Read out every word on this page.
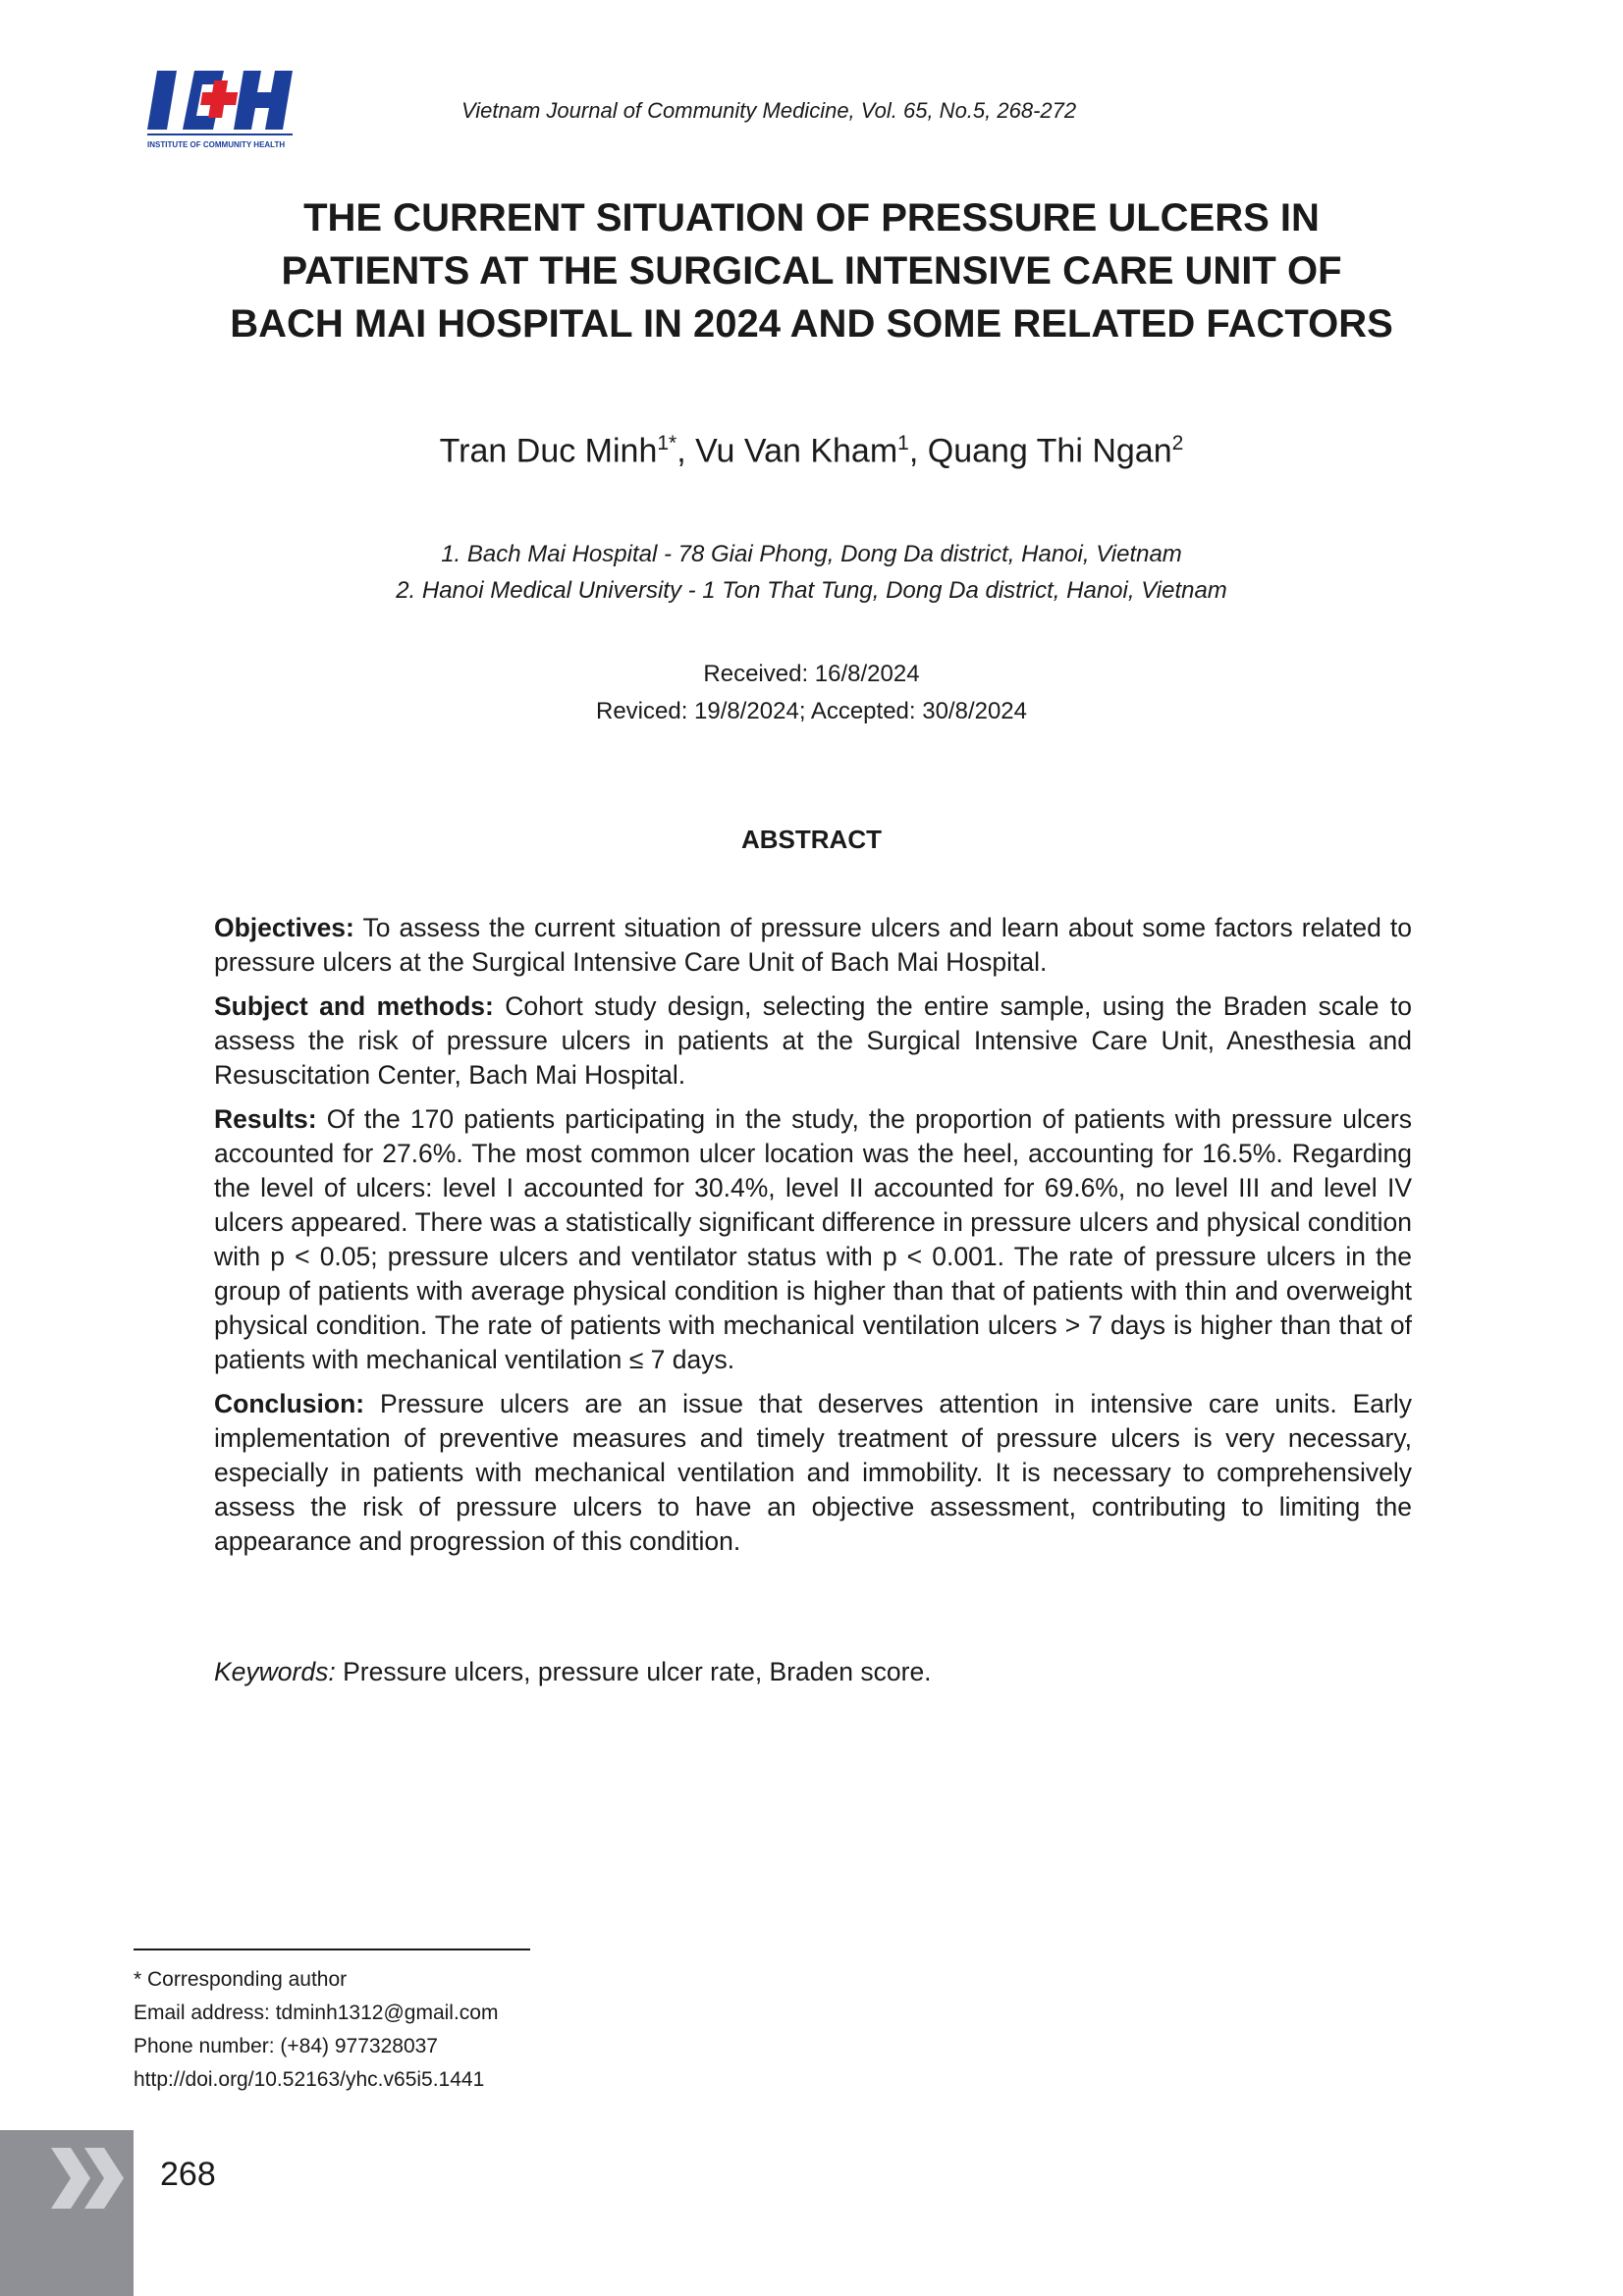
INSTITUTE OF COMMUNITY HEALTH
Vietnam Journal of Community Medicine, Vol. 65, No.5, 268-272
THE CURRENT SITUATION OF PRESSURE ULCERS IN
PATIENTS AT THE SURGICAL INTENSIVE CARE UNIT OF
BACH MAI HOSPITAL IN 2024 AND SOME RELATED FACTORS
Tran Duc Minh$^{1*}$, Vu Van Kham$^1$, Quang Thi Ngan$^2$
1. Bach Mai Hospital - 78 Giai Phong, Dong Da district, Hanoi, Vietnam
2. Hanoi Medical University - 1 Ton That Tung, Dong Da district, Hanoi, Vietnam
Received: 16/8/2024
Reviced: 19/8/2024; Accepted: 30/8/2024
ABSTRACT

Objectives: To assess the current situation of pressure ulcers and learn about some factors related to pressure ulcers at the Surgical Intensive Care Unit of Bach Mai Hospital.

Subject and methods: Cohort study design, selecting the entire sample, using the Braden scale to assess the risk of pressure ulcers in patients at the Surgical Intensive Care Unit, Anesthesia and Resuscitation Center, Bach Mai Hospital.

Results: Of the 170 patients participating in the study, the proportion of patients with pressure ulcers accounted for 27.6%. The most common ulcer location was the heel, accounting for 16.5%. Regarding the level of ulcers: level I accounted for 30.4%, level II accounted for 69.6%, no level III and level IV ulcers appeared. There was a statistically significant difference in pressure ulcers and physical condition with p < 0.05; pressure ulcers and ventilator status with p < 0.001. The rate of pressure ulcers in the group of patients with average physical condition is higher than that of patients with thin and overweight physical condition. The rate of patients with mechanical ventilation ulcers > 7 days is higher than that of patients with mechanical ventilation ≤ 7 days.

Conclusion: Pressure ulcers are an issue that deserves attention in intensive care units. Early implementation of preventive measures and timely treatment of pressure ulcers is very necessary, especially in patients with mechanical ventilation and immobility. It is necessary to comprehensively assess the risk of pressure ulcers to have an objective assessment, contributing to limiting the appearance and progression of this condition.

Keywords: Pressure ulcers, pressure ulcer rate, Braden score.
* Corresponding author
Email address: tdminh1312@gmail.com
Phone number: (+84) 977328037
http://doi.org/10.52163/yhc.v65i5.1441
268
